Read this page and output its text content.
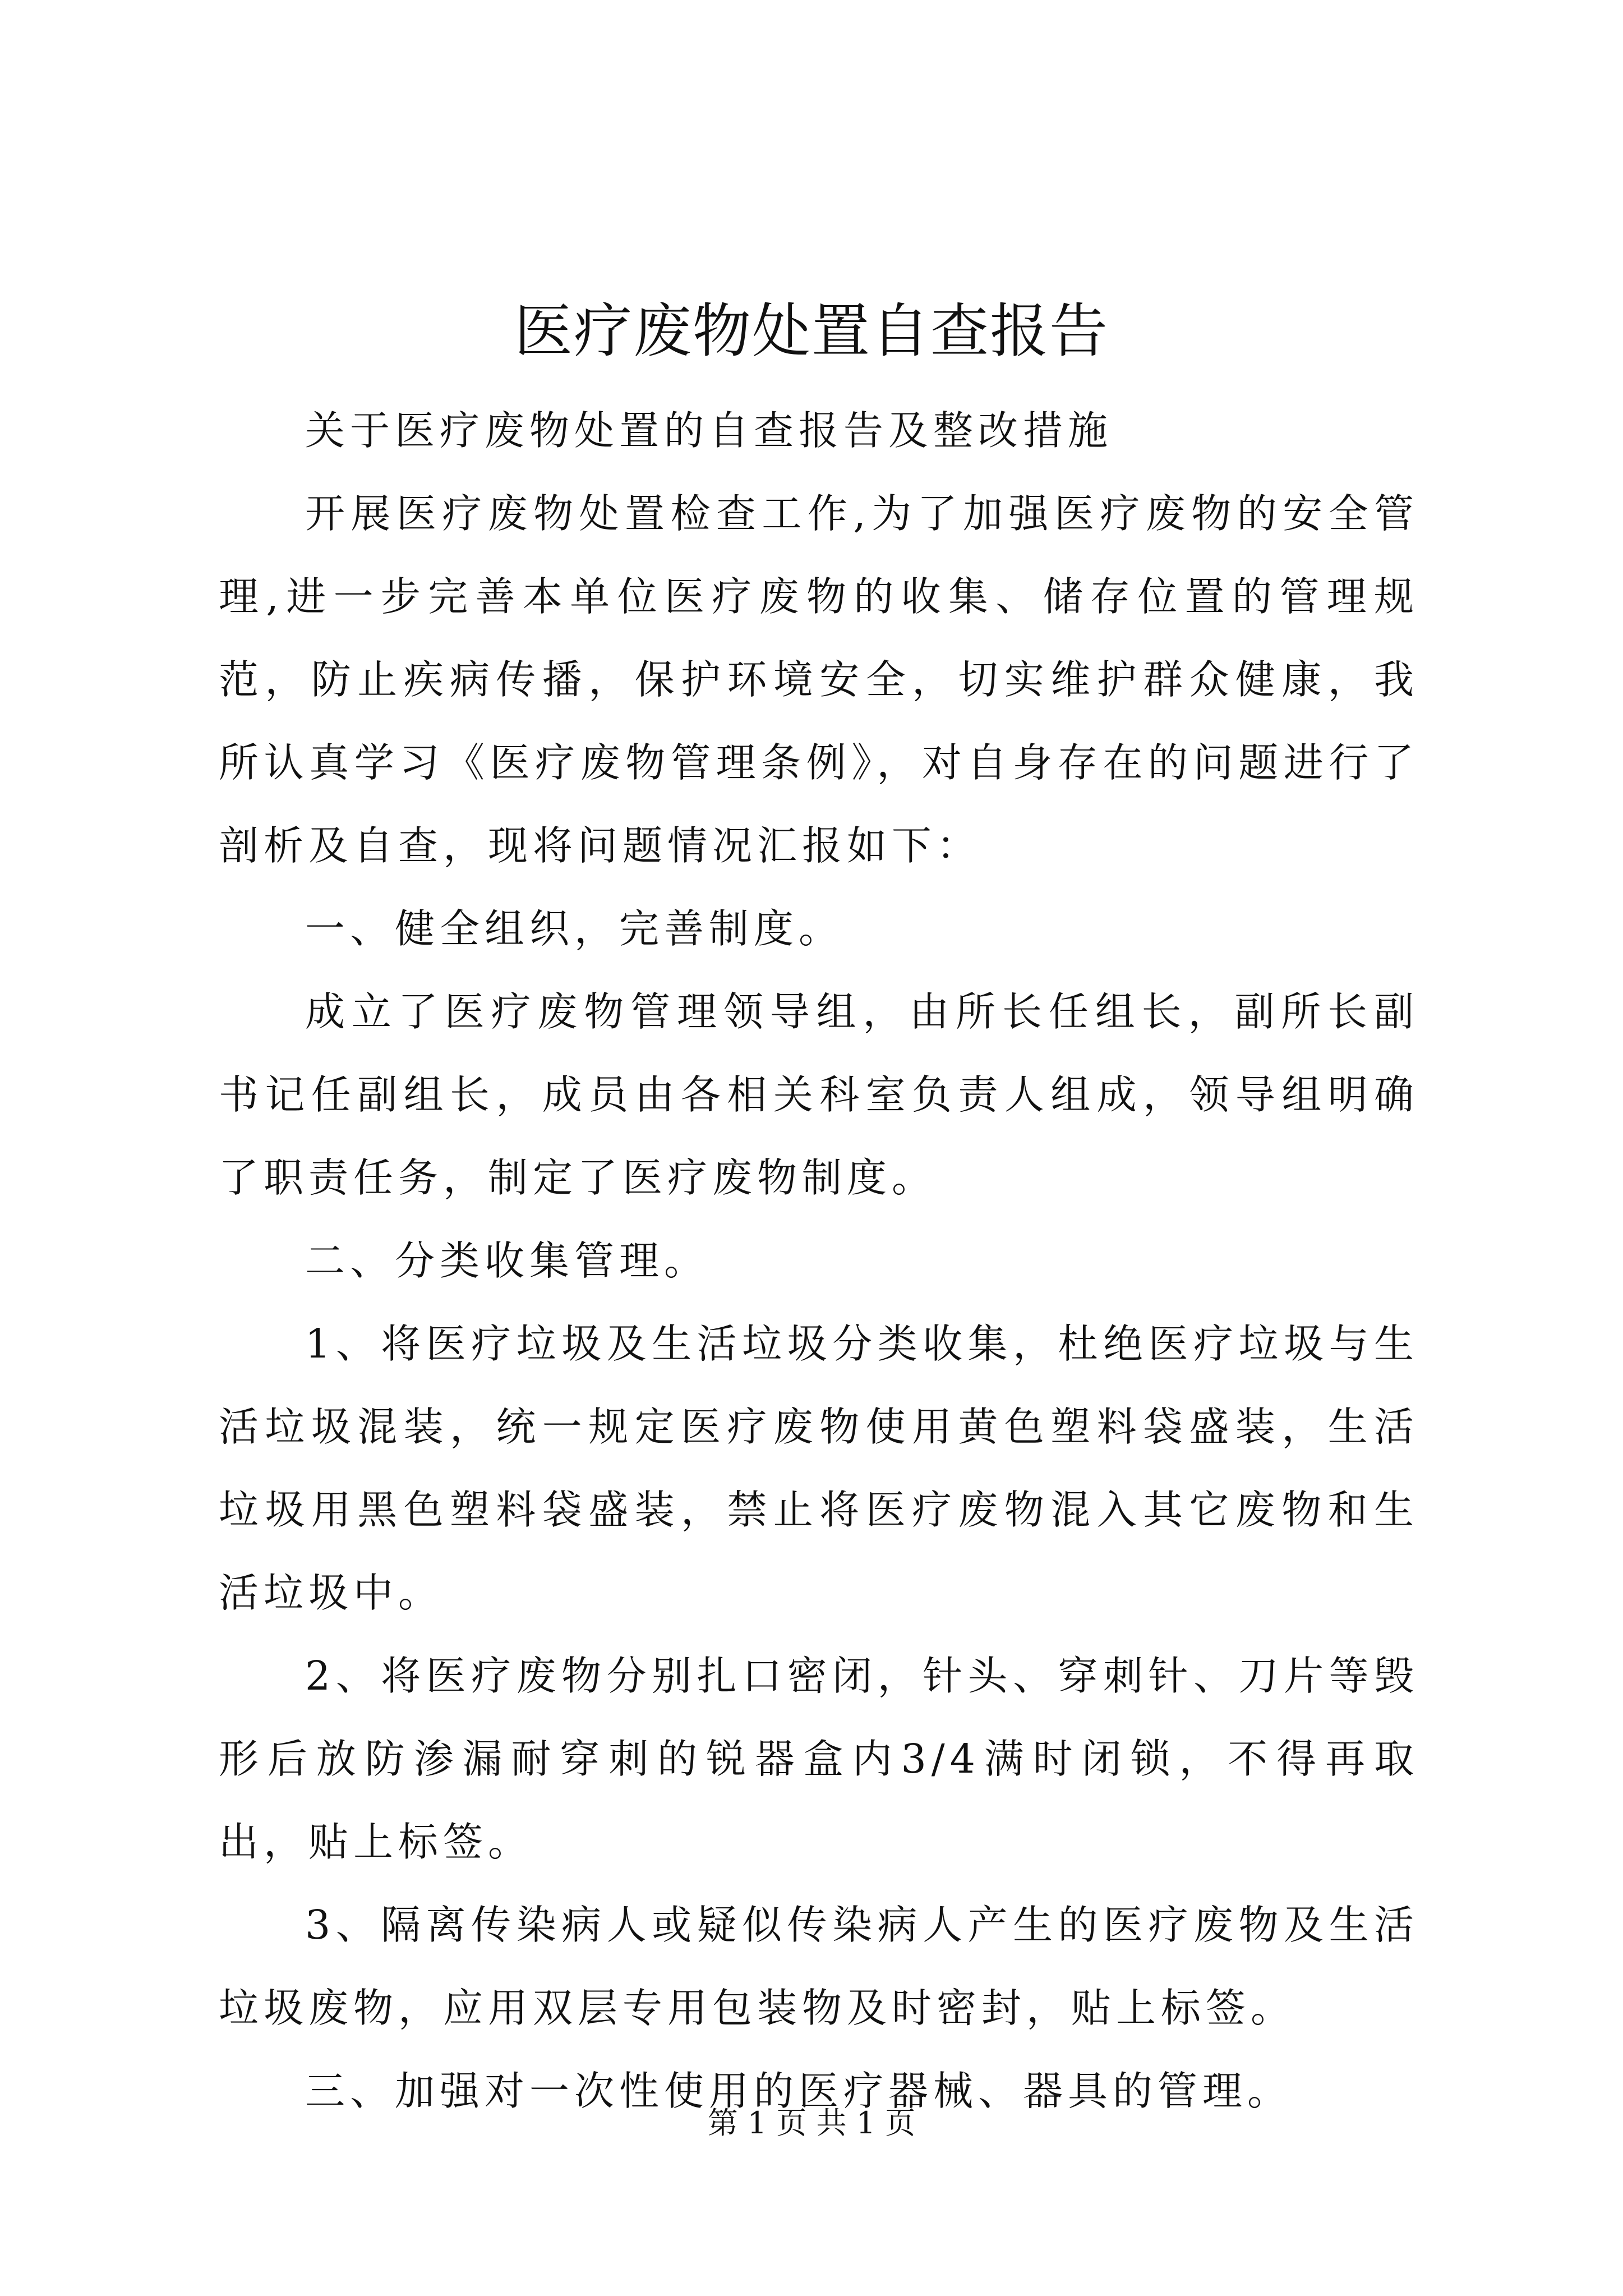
医疗废物处置自查报告

关于医疗废物处置的自查报告及整改措施

开展医疗废物处置检查工作,为了加强医疗废物的安全管理,进一步完善本单位医疗废物的收集、储存位置的管理规范，防止疾病传播，保护环境安全，切实维护群众健康，我所认真学习《医疗废物管理条例》，对自身存在的问题进行了剖析及自查，现将问题情况汇报如下：

一、健全组织，完善制度。

成立了医疗废物管理领导组，由所长任组长，副所长副书记任副组长，成员由各相关科室负责人组成，领导组明确了职责任务，制定了医疗废物制度。

二、分类收集管理。

1、将医疗垃圾及生活垃圾分类收集，杜绝医疗垃圾与生活垃圾混装，统一规定医疗废物使用黄色塑料袋盛装，生活垃圾用黑色塑料袋盛装，禁止将医疗废物混入其它废物和生活垃圾中。

2、将医疗废物分别扎口密闭，针头、穿刺针、刀片等毁形后放防渗漏耐穿刺的锐器盒内3/4满时闭锁，不得再取出，贴上标签。

3、隔离传染病人或疑似传染病人产生的医疗废物及生活垃圾废物，应用双层专用包装物及时密封，贴上标签。

三、加强对一次性使用的医疗器械、器具的管理。

第 1 页 共 1 页
